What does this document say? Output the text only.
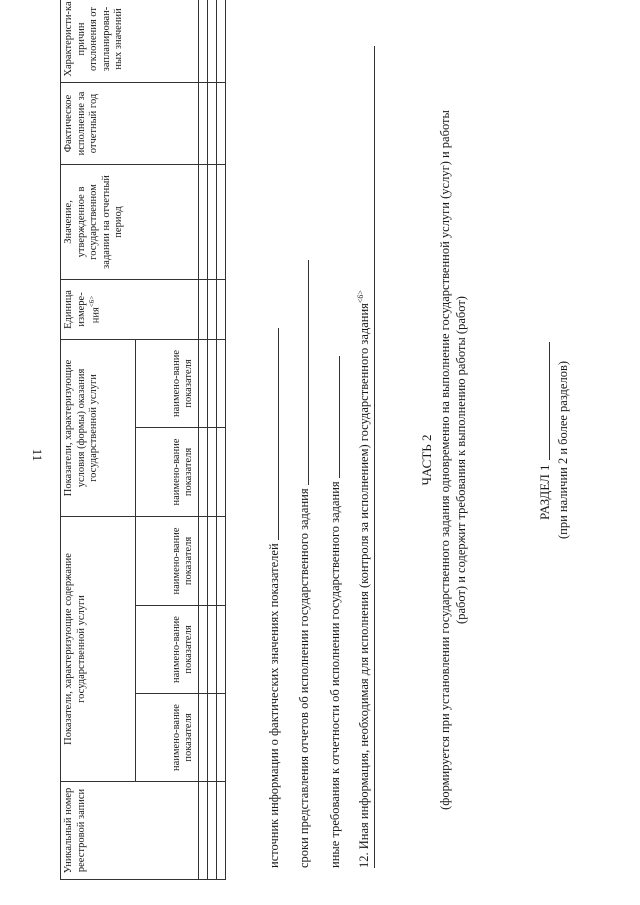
11
Уникальный номер реестровой записи	Показатели, характеризующие содержание государственной услуги			Показатели, характеризующие условия (формы) оказания государственной услуги		Единица измере-ния$^{<6>}$	Значение, утвержденное в государственном задании на отчетный период	Фактическое исполнение за отчетный год	Характеристи-ка причин отклонения от запланирован-ных значений
	наимено-вание показателя	наимено-вание показателя	наимено-вание показателя	наимено-вание показателя	наимено-вание показателя				

источник информации о фактических значениях показателей сроки представления отчетов об исполнении государственного задания иные требования к отчетности об исполнении государственного задания 12. Иная информация, необходимая для исполнения (контроля за исполнением) государственного задания$^{<6>}$
ЧАСТЬ 2 (формируется при установлении государственного задания одновременно на выполнение государственной услуги (услуг) и работы (работ) и содержит требования к выполнению работы (работ)	РАЗДЕЛ 1 (при наличии 2 и более разделов)
